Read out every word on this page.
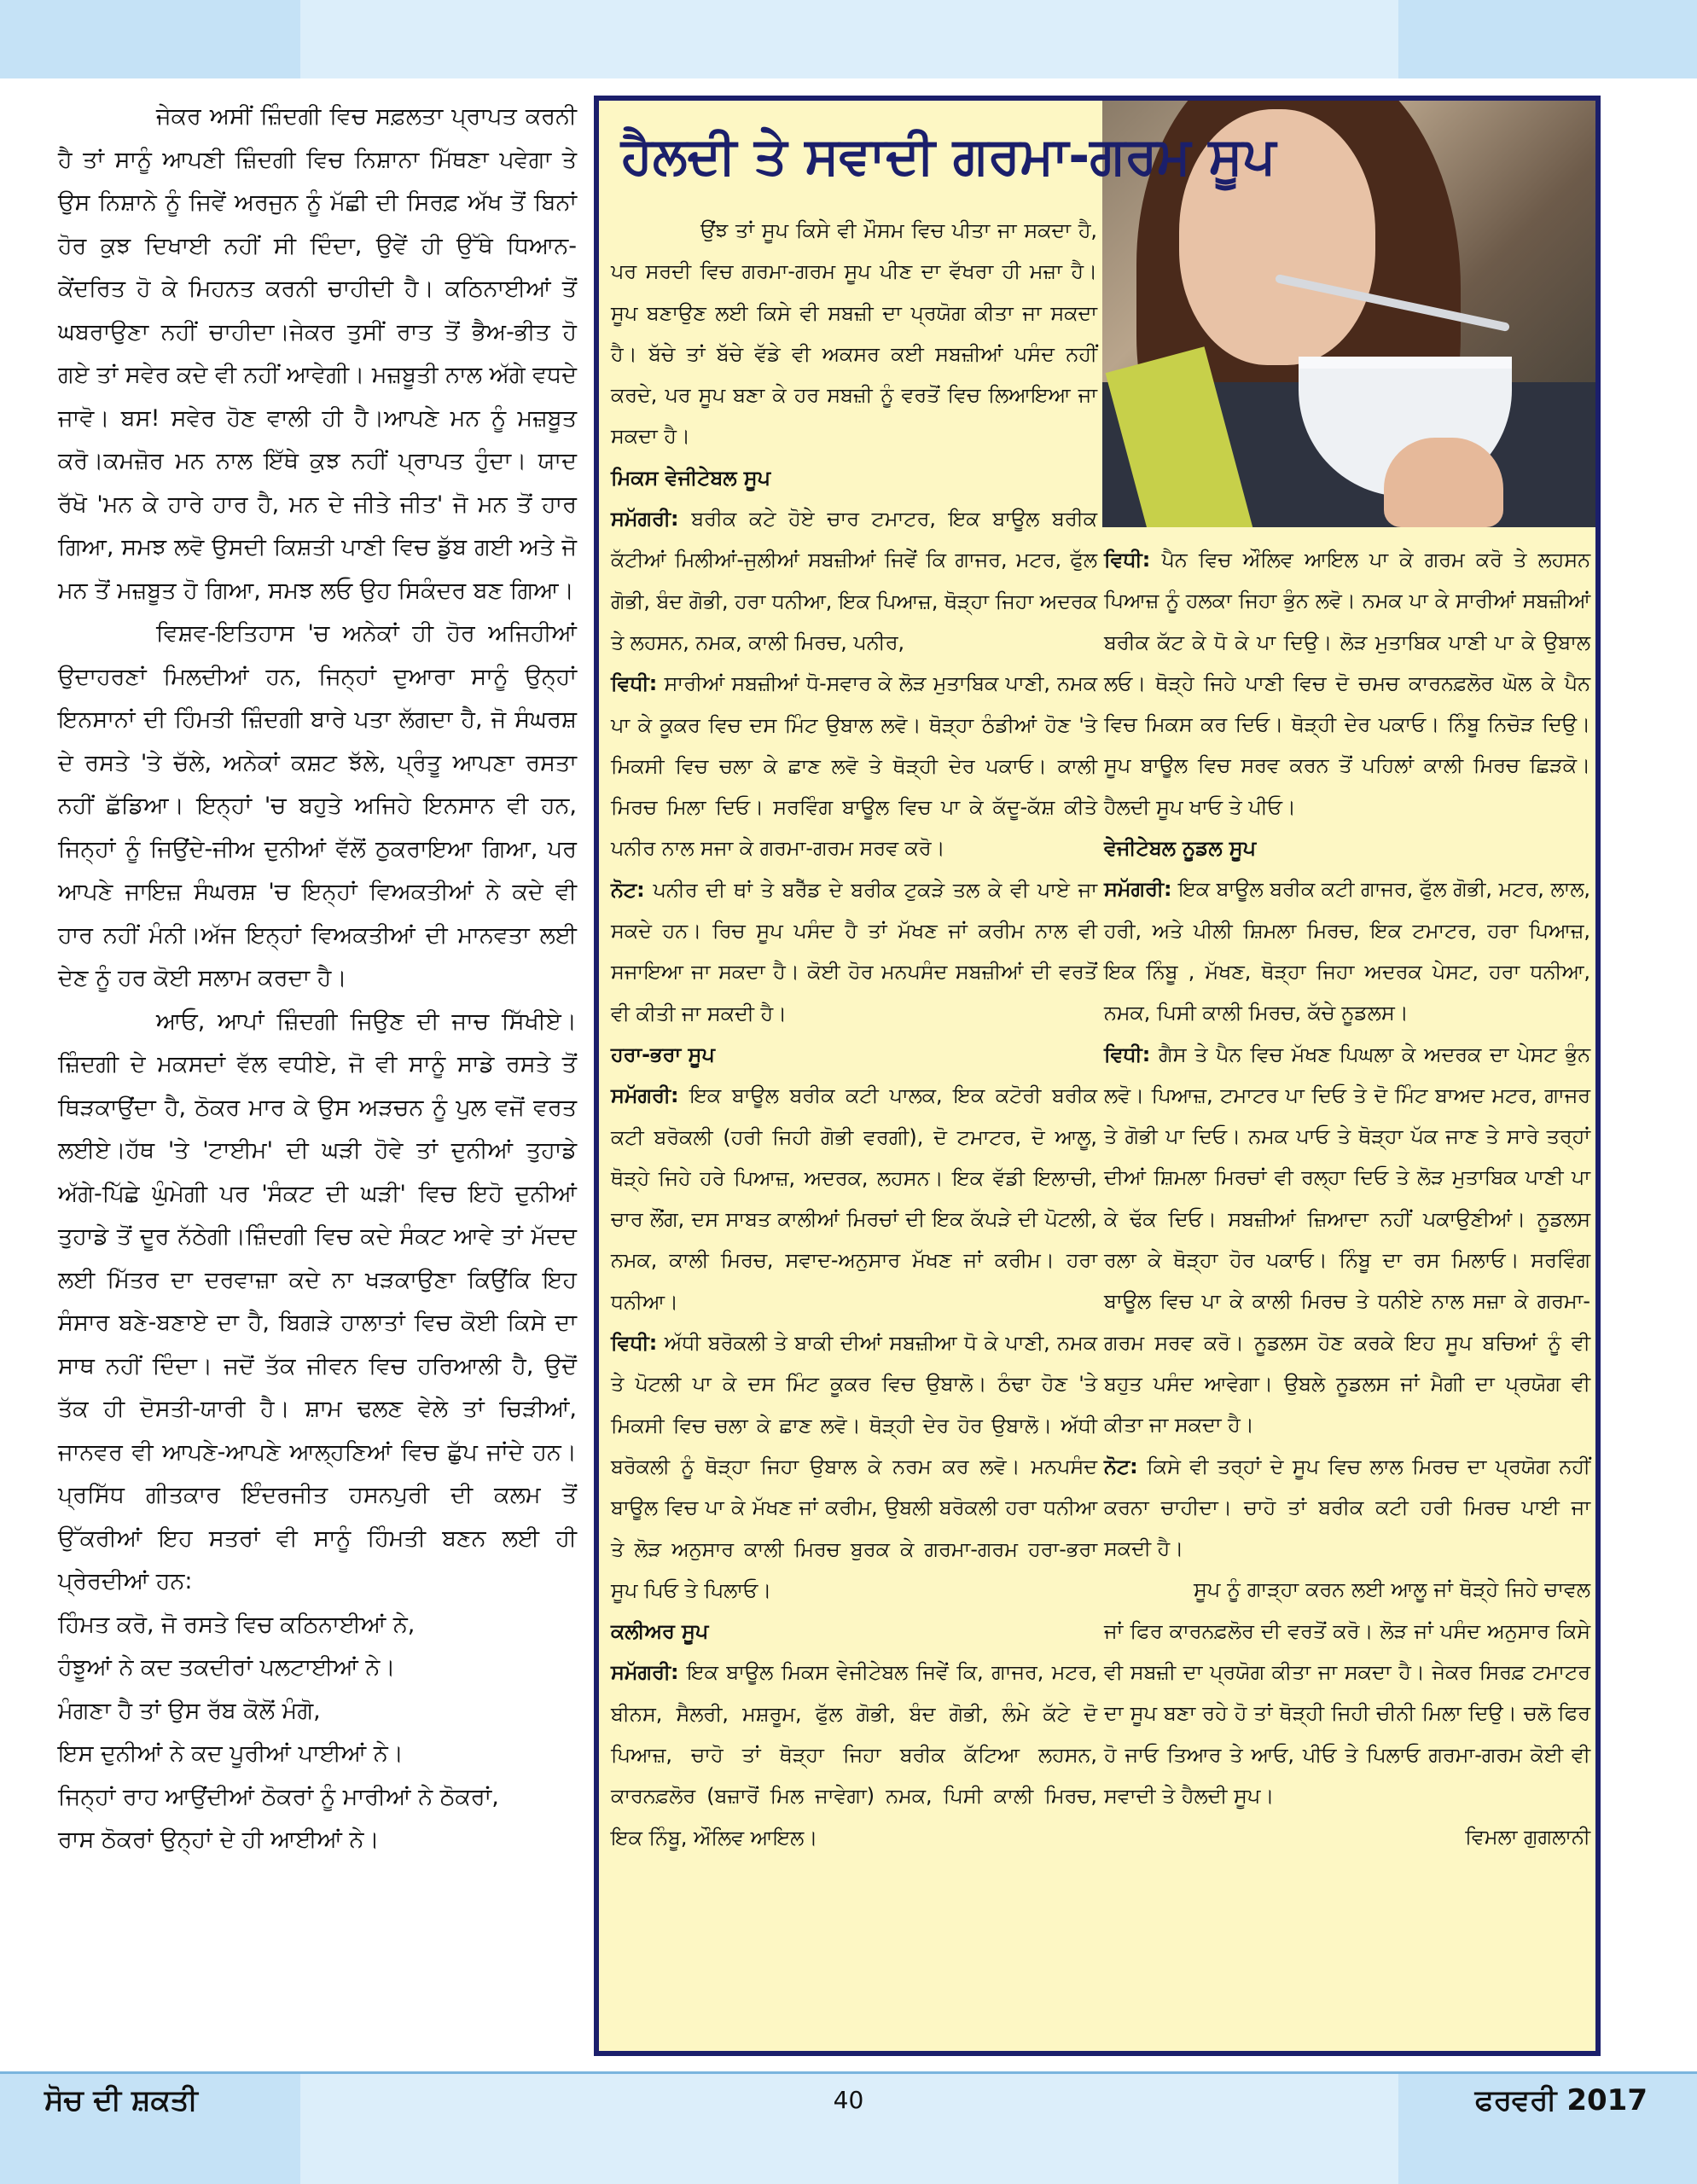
ਜੇਕਰ ਅਸੀਂ ਜ਼ਿੰਦਗੀ ਵਿਚ ਸਫ਼ਲਤਾ ਪ੍ਰਾਪਤ ਕਰਨੀ ਹੈ ਤਾਂ ਸਾਨੂੰ ਆਪਣੀ ਜ਼ਿੰਦਗੀ ਵਿਚ ਨਿਸ਼ਾਨਾ ਮਿੱਥਣਾ ਪਵੇਗਾ ਤੇ ਉਸ ਨਿਸ਼ਾਨੇ ਨੂੰ ਜਿਵੇਂ ਅਰਜੁਨ ਨੂੰ ਮੱਛੀ ਦੀ ਸਿਰਫ਼ ਅੱਖ ਤੋਂ ਬਿਨਾਂ ਹੋਰ ਕੁਝ ਦਿਖਾਈ ਨਹੀਂ ਸੀ ਦਿੰਦਾ, ਉਵੇਂ ਹੀ ਉੱਥੇ ਧਿਆਨ-ਕੇਂਦਰਿਤ ਹੋ ਕੇ ਮਿਹਨਤ ਕਰਨੀ ਚਾਹੀਦੀ ਹੈ। ਕਠਿਨਾਈਆਂ ਤੋਂ ਘਬਰਾਉਣਾ ਨਹੀਂ ਚਾਹੀਦਾ।ਜੇਕਰ ਤੁਸੀਂ ਰਾਤ ਤੋਂ ਭੈਅ-ਭੀਤ ਹੋ ਗਏ ਤਾਂ ਸਵੇਰ ਕਦੇ ਵੀ ਨਹੀਂ ਆਵੇਗੀ। ਮਜ਼ਬੂਤੀ ਨਾਲ ਅੱਗੇ ਵਧਦੇ ਜਾਵੋ। ਬਸ! ਸਵੇਰ ਹੋਣ ਵਾਲੀ ਹੀ ਹੈ।ਆਪਣੇ ਮਨ ਨੂੰ ਮਜ਼ਬੂਤ ਕਰੋ।ਕਮਜ਼ੋਰ ਮਨ ਨਾਲ ਇੱਥੇ ਕੁਝ ਨਹੀਂ ਪ੍ਰਾਪਤ ਹੁੰਦਾ। ਯਾਦ ਰੱਖੋ 'ਮਨ ਕੇ ਹਾਰੇ ਹਾਰ ਹੈ, ਮਨ ਦੇ ਜੀਤੇ ਜੀਤ' ਜੋ ਮਨ ਤੋਂ ਹਾਰ ਗਿਆ, ਸਮਝ ਲਵੋ ਉਸਦੀ ਕਿਸ਼ਤੀ ਪਾਣੀ ਵਿਚ ਡੁੱਬ ਗਈ ਅਤੇ ਜੋ ਮਨ ਤੋਂ ਮਜ਼ਬੂਤ ਹੋ ਗਿਆ, ਸਮਝ ਲਓ ਉਹ ਸਿਕੰਦਰ ਬਣ ਗਿਆ।

ਵਿਸ਼ਵ-ਇਤਿਹਾਸ 'ਚ ਅਨੇਕਾਂ ਹੀ ਹੋਰ ਅਜਿਹੀਆਂ ਉਦਾਹਰਣਾਂ ਮਿਲਦੀਆਂ ਹਨ, ਜਿਨ੍ਹਾਂ ਦੁਆਰਾ ਸਾਨੂੰ ਉਨ੍ਹਾਂ ਇਨਸਾਨਾਂ ਦੀ ਹਿੰਮਤੀ ਜ਼ਿੰਦਗੀ ਬਾਰੇ ਪਤਾ ਲੱਗਦਾ ਹੈ, ਜੋ ਸੰਘਰਸ਼ ਦੇ ਰਸਤੇ 'ਤੇ ਚੱਲੇ, ਅਨੇਕਾਂ ਕਸ਼ਟ ਝੱਲੇ, ਪ੍ਰੰਤੂ ਆਪਣਾ ਰਸਤਾ ਨਹੀਂ ਛੱਡਿਆ। ਇਨ੍ਹਾਂ 'ਚ ਬਹੁਤੇ ਅਜਿਹੇ ਇਨਸਾਨ ਵੀ ਹਨ, ਜਿਨ੍ਹਾਂ ਨੂੰ ਜਿਉਂਦੇ-ਜੀਅ ਦੁਨੀਆਂ ਵੱਲੋਂ ਠੁਕਰਾਇਆ ਗਿਆ, ਪਰ ਆਪਣੇ ਜਾਇਜ਼ ਸੰਘਰਸ਼ 'ਚ ਇਨ੍ਹਾਂ ਵਿਅਕਤੀਆਂ ਨੇ ਕਦੇ ਵੀ ਹਾਰ ਨਹੀਂ ਮੰਨੀ।ਅੱਜ ਇਨ੍ਹਾਂ ਵਿਅਕਤੀਆਂ ਦੀ ਮਾਨਵਤਾ ਲਈ ਦੇਣ ਨੂੰ ਹਰ ਕੋਈ ਸਲਾਮ ਕਰਦਾ ਹੈ।

ਆਓ, ਆਪਾਂ ਜ਼ਿੰਦਗੀ ਜਿਉਣ ਦੀ ਜਾਚ ਸਿੱਖੀਏ।ਜ਼ਿੰਦਗੀ ਦੇ ਮਕਸਦਾਂ ਵੱਲ ਵਧੀਏ, ਜੋ ਵੀ ਸਾਨੂੰ ਸਾਡੇ ਰਸਤੇ ਤੋਂ ਥਿੜਕਾਉਂਦਾ ਹੈ, ਠੋਕਰ ਮਾਰ ਕੇ ਉਸ ਅੜਚਨ ਨੂੰ ਪੁਲ ਵਜੋਂ ਵਰਤ ਲਈਏ।ਹੱਥ 'ਤੇ 'ਟਾਈਮ' ਦੀ ਘੜੀ ਹੋਵੇ ਤਾਂ ਦੁਨੀਆਂ ਤੁਹਾਡੇ ਅੱਗੇ-ਪਿੱਛੇ ਘੁੰਮੇਗੀ ਪਰ 'ਸੰਕਟ ਦੀ ਘੜੀ' ਵਿਚ ਇਹੋ ਦੁਨੀਆਂ ਤੁਹਾਡੇ ਤੋਂ ਦੂਰ ਨੱਠੇਗੀ।ਜ਼ਿੰਦਗੀ ਵਿਚ ਕਦੇ ਸੰਕਟ ਆਵੇ ਤਾਂ ਮੱਦਦ ਲਈ ਮਿੱਤਰ ਦਾ ਦਰਵਾਜ਼ਾ ਕਦੇ ਨਾ ਖੜਕਾਉਣਾ ਕਿਉਂਕਿ ਇਹ ਸੰਸਾਰ ਬਣੇ-ਬਣਾਏ ਦਾ ਹੈ, ਬਿਗੜੇ ਹਾਲਾਤਾਂ ਵਿਚ ਕੋਈ ਕਿਸੇ ਦਾ ਸਾਥ ਨਹੀਂ ਦਿੰਦਾ। ਜਦੋਂ ਤੱਕ ਜੀਵਨ ਵਿਚ ਹਰਿਆਲੀ ਹੈ, ਉਦੋਂ ਤੱਕ ਹੀ ਦੋਸਤੀ-ਯਾਰੀ ਹੈ। ਸ਼ਾਮ ਢਲਣ ਵੇਲੇ ਤਾਂ ਚਿੜੀਆਂ, ਜਾਨਵਰ ਵੀ ਆਪਣੇ-ਆਪਣੇ ਆਲ੍ਹਣਿਆਂ ਵਿਚ ਛੁੱਪ ਜਾਂਦੇ ਹਨ। ਪ੍ਰਸਿੱਧ ਗੀਤਕਾਰ ਇੰਦਰਜੀਤ ਹਸਨਪੁਰੀ ਦੀ ਕਲਮ ਤੋਂ ਉੱਕਰੀਆਂ ਇਹ ਸਤਰਾਂ ਵੀ ਸਾਨੂੰ ਹਿੰਮਤੀ ਬਣਨ ਲਈ ਹੀ ਪ੍ਰੇਰਦੀਆਂ ਹਨ:

ਹਿੰਮਤ ਕਰੋ, ਜੋ ਰਸਤੇ ਵਿਚ ਕਠਿਨਾਈਆਂ ਨੇ,

ਹੰਝੂਆਂ ਨੇ ਕਦ ਤਕਦੀਰਾਂ ਪਲਟਾਈਆਂ ਨੇ।

ਮੰਗਣਾ ਹੈ ਤਾਂ ਉਸ ਰੱਬ ਕੋਲੋਂ ਮੰਗੋ,

ਇਸ ਦੁਨੀਆਂ ਨੇ ਕਦ ਪੂਰੀਆਂ ਪਾਈਆਂ ਨੇ।

ਜਿਨ੍ਹਾਂ ਰਾਹ ਆਉਂਦੀਆਂ ਠੋਕਰਾਂ ਨੂੰ ਮਾਰੀਆਂ ਨੇ ਠੋਕਰਾਂ,

ਰਾਸ ਠੋਕਰਾਂ ਉਨ੍ਹਾਂ ਦੇ ਹੀ ਆਈਆਂ ਨੇ।

ਹੈਲਦੀ ਤੇ ਸਵਾਦੀ ਗਰਮਾ-ਗਰਮ ਸੂਪ

ਉਂਝ ਤਾਂ ਸੂਪ ਕਿਸੇ ਵੀ ਮੌਸਮ ਵਿਚ ਪੀਤਾ ਜਾ ਸਕਦਾ ਹੈ, ਪਰ ਸਰਦੀ ਵਿਚ ਗਰਮਾ-ਗਰਮ ਸੂਪ ਪੀਣ ਦਾ ਵੱਖਰਾ ਹੀ ਮਜ਼ਾ ਹੈ। ਸੂਪ ਬਣਾਉਣ ਲਈ ਕਿਸੇ ਵੀ ਸਬਜ਼ੀ ਦਾ ਪ੍ਰਯੋਗ ਕੀਤਾ ਜਾ ਸਕਦਾ ਹੈ। ਬੱਚੇ ਤਾਂ ਬੱਚੇ ਵੱਡੇ ਵੀ ਅਕਸਰ ਕਈ ਸਬਜ਼ੀਆਂ ਪਸੰਦ ਨਹੀਂ ਕਰਦੇ, ਪਰ ਸੂਪ ਬਣਾ ਕੇ ਹਰ ਸਬਜ਼ੀ ਨੂੰ ਵਰਤੋਂ ਵਿਚ ਲਿਆਇਆ ਜਾ ਸਕਦਾ ਹੈ।

ਮਿਕਸ ਵੇਜੀਟੇਬਲ ਸੂਪ

ਸਮੱਗਰੀ: ਬਰੀਕ ਕਟੇ ਹੋਏ ਚਾਰ ਟਮਾਟਰ, ਇਕ ਬਾਊਲ ਬਰੀਕ ਕੱਟੀਆਂ ਮਿਲੀਆਂ-ਜੁਲੀਆਂ ਸਬਜ਼ੀਆਂ ਜਿਵੇਂ ਕਿ ਗਾਜਰ, ਮਟਰ, ਫੁੱਲ ਗੋਭੀ, ਬੰਦ ਗੋਭੀ, ਹਰਾ ਧਨੀਆ, ਇਕ ਪਿਆਜ਼, ਥੋੜ੍ਹਾ ਜਿਹਾ ਅਦਰਕ ਤੇ ਲਹਸਨ, ਨਮਕ, ਕਾਲੀ ਮਿਰਚ, ਪਨੀਰ,

ਵਿਧੀ: ਸਾਰੀਆਂ ਸਬਜ਼ੀਆਂ ਧੋ-ਸਵਾਰ ਕੇ ਲੋੜ ਮੁਤਾਬਿਕ ਪਾਣੀ, ਨਮਕ ਪਾ ਕੇ ਕੂਕਰ ਵਿਚ ਦਸ ਮਿੰਟ ਉਬਾਲ ਲਵੋ। ਥੋੜ੍ਹਾ ਠੰਡੀਆਂ ਹੋਣ 'ਤੇ ਮਿਕਸੀ ਵਿਚ ਚਲਾ ਕੇ ਛਾਣ ਲਵੋ ਤੇ ਥੋੜ੍ਹੀ ਦੇਰ ਪਕਾਓ। ਕਾਲੀ ਮਿਰਚ ਮਿਲਾ ਦਿਓ। ਸਰਵਿੰਗ ਬਾਊਲ ਵਿਚ ਪਾ ਕੇ ਕੱਦੂ-ਕੱਸ਼ ਕੀਤੇ ਪਨੀਰ ਨਾਲ ਸਜਾ ਕੇ ਗਰਮਾ-ਗਰਮ ਸਰਵ ਕਰੋ।

ਨੋਟ: ਪਨੀਰ ਦੀ ਥਾਂ ਤੇ ਬਰੈੱਡ ਦੇ ਬਰੀਕ ਟੁਕੜੇ ਤਲ ਕੇ ਵੀ ਪਾਏ ਜਾ ਸਕਦੇ ਹਨ। ਰਿਚ ਸੂਪ ਪਸੰਦ ਹੈ ਤਾਂ ਮੱਖਣ ਜਾਂ ਕਰੀਮ ਨਾਲ ਵੀ ਸਜਾਇਆ ਜਾ ਸਕਦਾ ਹੈ। ਕੋਈ ਹੋਰ ਮਨਪਸੰਦ ਸਬਜ਼ੀਆਂ ਦੀ ਵਰਤੋਂ ਵੀ ਕੀਤੀ ਜਾ ਸਕਦੀ ਹੈ।

ਹਰਾ-ਭਰਾ ਸੂਪ

ਸਮੱਗਰੀ: ਇਕ ਬਾਊਲ ਬਰੀਕ ਕਟੀ ਪਾਲਕ, ਇਕ ਕਟੋਰੀ ਬਰੀਕ ਕਟੀ ਬਰੋਕਲੀ (ਹਰੀ ਜਿਹੀ ਗੋਭੀ ਵਰਗੀ), ਦੋ ਟਮਾਟਰ, ਦੋ ਆਲੂ, ਥੋੜ੍ਹੇ ਜਿਹੇ ਹਰੇ ਪਿਆਜ਼, ਅਦਰਕ, ਲਹਸਨ। ਇਕ ਵੱਡੀ ਇਲਾਚੀ, ਚਾਰ ਲੌਂਗ, ਦਸ ਸਾਬਤ ਕਾਲੀਆਂ ਮਿਰਚਾਂ ਦੀ ਇਕ ਕੱਪੜੇ ਦੀ ਪੋਟਲੀ, ਨਮਕ, ਕਾਲੀ ਮਿਰਚ, ਸਵਾਦ-ਅਨੁਸਾਰ ਮੱਖਣ ਜਾਂ ਕਰੀਮ। ਹਰਾ ਧਨੀਆ।

ਵਿਧੀ: ਅੱਧੀ ਬਰੋਕਲੀ ਤੇ ਬਾਕੀ ਦੀਆਂ ਸਬਜ਼ੀਆ ਧੋ ਕੇ ਪਾਣੀ, ਨਮਕ ਤੇ ਪੋਟਲੀ ਪਾ ਕੇ ਦਸ ਮਿੰਟ ਕੂਕਰ ਵਿਚ ਉਬਾਲੋ। ਠੰਢਾ ਹੋਣ 'ਤੇ ਮਿਕਸੀ ਵਿਚ ਚਲਾ ਕੇ ਛਾਣ ਲਵੋ। ਥੋੜ੍ਹੀ ਦੇਰ ਹੋਰ ਉਬਾਲੋ। ਅੱਧੀ ਬਰੋਕਲੀ ਨੂੰ ਥੋੜ੍ਹਾ ਜਿਹਾ ਉਬਾਲ ਕੇ ਨਰਮ ਕਰ ਲਵੋ। ਮਨਪਸੰਦ ਬਾਊਲ ਵਿਚ ਪਾ ਕੇ ਮੱਖਣ ਜਾਂ ਕਰੀਮ, ਉਬਲੀ ਬਰੋਕਲੀ ਹਰਾ ਧਨੀਆ ਤੇ ਲੋੜ ਅਨੁਸਾਰ ਕਾਲੀ ਮਿਰਚ ਬੁਰਕ ਕੇ ਗਰਮਾ-ਗਰਮ ਹਰਾ-ਭਰਾ ਸੂਪ ਪਿਓ ਤੇ ਪਿਲਾਓ।

ਕਲੀਅਰ ਸੂਪ

ਸਮੱਗਰੀ: ਇਕ ਬਾਊਲ ਮਿਕਸ ਵੇਜੀਟੇਬਲ ਜਿਵੇਂ ਕਿ, ਗਾਜਰ, ਮਟਰ, ਬੀਨਸ, ਸੈਲਰੀ, ਮਸ਼ਰੂਮ, ਫੁੱਲ ਗੋਭੀ, ਬੰਦ ਗੋਭੀ, ਲੰਮੇ ਕੱਟੇ ਦੋ ਪਿਆਜ਼, ਚਾਹੋ ਤਾਂ ਥੋੜ੍ਹਾ ਜਿਹਾ ਬਰੀਕ ਕੱਟਿਆ ਲਹਸਨ, ਕਾਰਨਫ਼ਲੋਰ (ਬਜ਼ਾਰੋਂ ਮਿਲ ਜਾਵੇਗਾ) ਨਮਕ, ਪਿਸੀ ਕਾਲੀ ਮਿਰਚ, ਇਕ ਨਿੰਬੂ, ਔਲਿਵ ਆਇਲ।

ਵਿਧੀ: ਪੈਨ ਵਿਚ ਔਲਿਵ ਆਇਲ ਪਾ ਕੇ ਗਰਮ ਕਰੋ ਤੇ ਲਹਸਨ ਪਿਆਜ਼ ਨੂੰ ਹਲਕਾ ਜਿਹਾ ਭੁੰਨ ਲਵੋ। ਨਮਕ ਪਾ ਕੇ ਸਾਰੀਆਂ ਸਬਜ਼ੀਆਂ ਬਰੀਕ ਕੱਟ ਕੇ ਧੋ ਕੇ ਪਾ ਦਿਉ। ਲੋੜ ਮੁਤਾਬਿਕ ਪਾਣੀ ਪਾ ਕੇ ਉਬਾਲ ਲਓ। ਥੋੜ੍ਹੇ ਜਿਹੇ ਪਾਣੀ ਵਿਚ ਦੋ ਚਮਚ ਕਾਰਨਫ਼ਲੋਰ ਘੋਲ ਕੇ ਪੈਨ ਵਿਚ ਮਿਕਸ ਕਰ ਦਿਓ। ਥੋੜ੍ਹੀ ਦੇਰ ਪਕਾਓ। ਨਿੰਬੂ ਨਿਚੋੜ ਦਿਉ। ਸੂਪ ਬਾਊਲ ਵਿਚ ਸਰਵ ਕਰਨ ਤੋਂ ਪਹਿਲਾਂ ਕਾਲੀ ਮਿਰਚ ਛਿੜਕੋ। ਹੈਲਦੀ ਸੂਪ ਖਾਓ ਤੇ ਪੀਓ।

ਵੇਜੀਟੇਬਲ ਨੂਡਲ ਸੂਪ

ਸਮੱਗਰੀ: ਇਕ ਬਾਊਲ ਬਰੀਕ ਕਟੀ ਗਾਜਰ, ਫੁੱਲ ਗੋਭੀ, ਮਟਰ, ਲਾਲ, ਹਰੀ, ਅਤੇ ਪੀਲੀ ਸ਼ਿਮਲਾ ਮਿਰਚ, ਇਕ ਟਮਾਟਰ, ਹਰਾ ਪਿਆਜ਼, ਇਕ ਨਿੰਬੂ , ਮੱਖਣ, ਥੋੜ੍ਹਾ ਜਿਹਾ ਅਦਰਕ ਪੇਸਟ, ਹਰਾ ਧਨੀਆ, ਨਮਕ, ਪਿਸੀ ਕਾਲੀ ਮਿਰਚ, ਕੱਚੇ ਨੂਡਲਸ।

ਵਿਧੀ: ਗੈਸ ਤੇ ਪੈਨ ਵਿਚ ਮੱਖਣ ਪਿਘਲਾ ਕੇ ਅਦਰਕ ਦਾ ਪੇਸਟ ਭੁੰਨ ਲਵੋ। ਪਿਆਜ਼, ਟਮਾਟਰ ਪਾ ਦਿਓ ਤੇ ਦੋ ਮਿੰਟ ਬਾਅਦ ਮਟਰ, ਗਾਜਰ ਤੇ ਗੋਭੀ ਪਾ ਦਿਓ। ਨਮਕ ਪਾਓ ਤੇ ਥੋੜ੍ਹਾ ਪੱਕ ਜਾਣ ਤੇ ਸਾਰੇ ਤਰ੍ਹਾਂ ਦੀਆਂ ਸ਼ਿਮਲਾ ਮਿਰਚਾਂ ਵੀ ਰਲ੍ਹਾ ਦਿਓ ਤੇ ਲੋੜ ਮੁਤਾਬਿਕ ਪਾਣੀ ਪਾ ਕੇ ਢੱਕ ਦਿਓ। ਸਬਜ਼ੀਆਂ ਜ਼ਿਆਦਾ ਨਹੀਂ ਪਕਾਉਣੀਆਂ। ਨੂਡਲਸ ਰਲਾ ਕੇ ਥੋੜ੍ਹਾ ਹੋਰ ਪਕਾਓ। ਨਿੰਬੂ ਦਾ ਰਸ ਮਿਲਾਓ। ਸਰਵਿੰਗ ਬਾਊਲ ਵਿਚ ਪਾ ਕੇ ਕਾਲੀ ਮਿਰਚ ਤੇ ਧਨੀਏ ਨਾਲ ਸਜ਼ਾ ਕੇ ਗਰਮਾ-ਗਰਮ ਸਰਵ ਕਰੋ। ਨੂਡਲਸ ਹੋਣ ਕਰਕੇ ਇਹ ਸੂਪ ਬਚਿਆਂ ਨੂੰ ਵੀ ਬਹੁਤ ਪਸੰਦ ਆਵੇਗਾ। ਉਬਲੇ ਨੂਡਲਸ ਜਾਂ ਮੈਗੀ ਦਾ ਪ੍ਰਯੋਗ ਵੀ ਕੀਤਾ ਜਾ ਸਕਦਾ ਹੈ।

ਨੋਟ: ਕਿਸੇ ਵੀ ਤਰ੍ਹਾਂ ਦੇ ਸੂਪ ਵਿਚ ਲਾਲ ਮਿਰਚ ਦਾ ਪ੍ਰਯੋਗ ਨਹੀਂ ਕਰਨਾ ਚਾਹੀਦਾ। ਚਾਹੋ ਤਾਂ ਬਰੀਕ ਕਟੀ ਹਰੀ ਮਿਰਚ ਪਾਈ ਜਾ ਸਕਦੀ ਹੈ।

ਸੂਪ ਨੂੰ ਗਾੜ੍ਹਾ ਕਰਨ ਲਈ ਆਲੂ ਜਾਂ ਥੋੜ੍ਹੇ ਜਿਹੇ ਚਾਵਲ ਜਾਂ ਫਿਰ ਕਾਰਨਫ਼ਲੋਰ ਦੀ ਵਰਤੋਂ ਕਰੋ। ਲੋੜ ਜਾਂ ਪਸੰਦ ਅਨੁਸਾਰ ਕਿਸੇ ਵੀ ਸਬਜ਼ੀ ਦਾ ਪ੍ਰਯੋਗ ਕੀਤਾ ਜਾ ਸਕਦਾ ਹੈ। ਜੇਕਰ ਸਿਰਫ਼ ਟਮਾਟਰ ਦਾ ਸੂਪ ਬਣਾ ਰਹੇ ਹੋ ਤਾਂ ਥੋੜ੍ਹੀ ਜਿਹੀ ਚੀਨੀ ਮਿਲਾ ਦਿਉ। ਚਲੋ ਫਿਰ ਹੋ ਜਾਓ ਤਿਆਰ ਤੇ ਆਓ, ਪੀਓ ਤੇ ਪਿਲਾਓ ਗਰਮਾ-ਗਰਮ ਕੋਈ ਵੀ ਸਵਾਦੀ ਤੇ ਹੈਲਦੀ ਸੂਪ।

ਵਿਮਲਾ ਗੁਗਲਾਨੀ

ਸੋਚ ਦੀ ਸ਼ਕਤੀ	40	ਫਰਵਰੀ 2017
